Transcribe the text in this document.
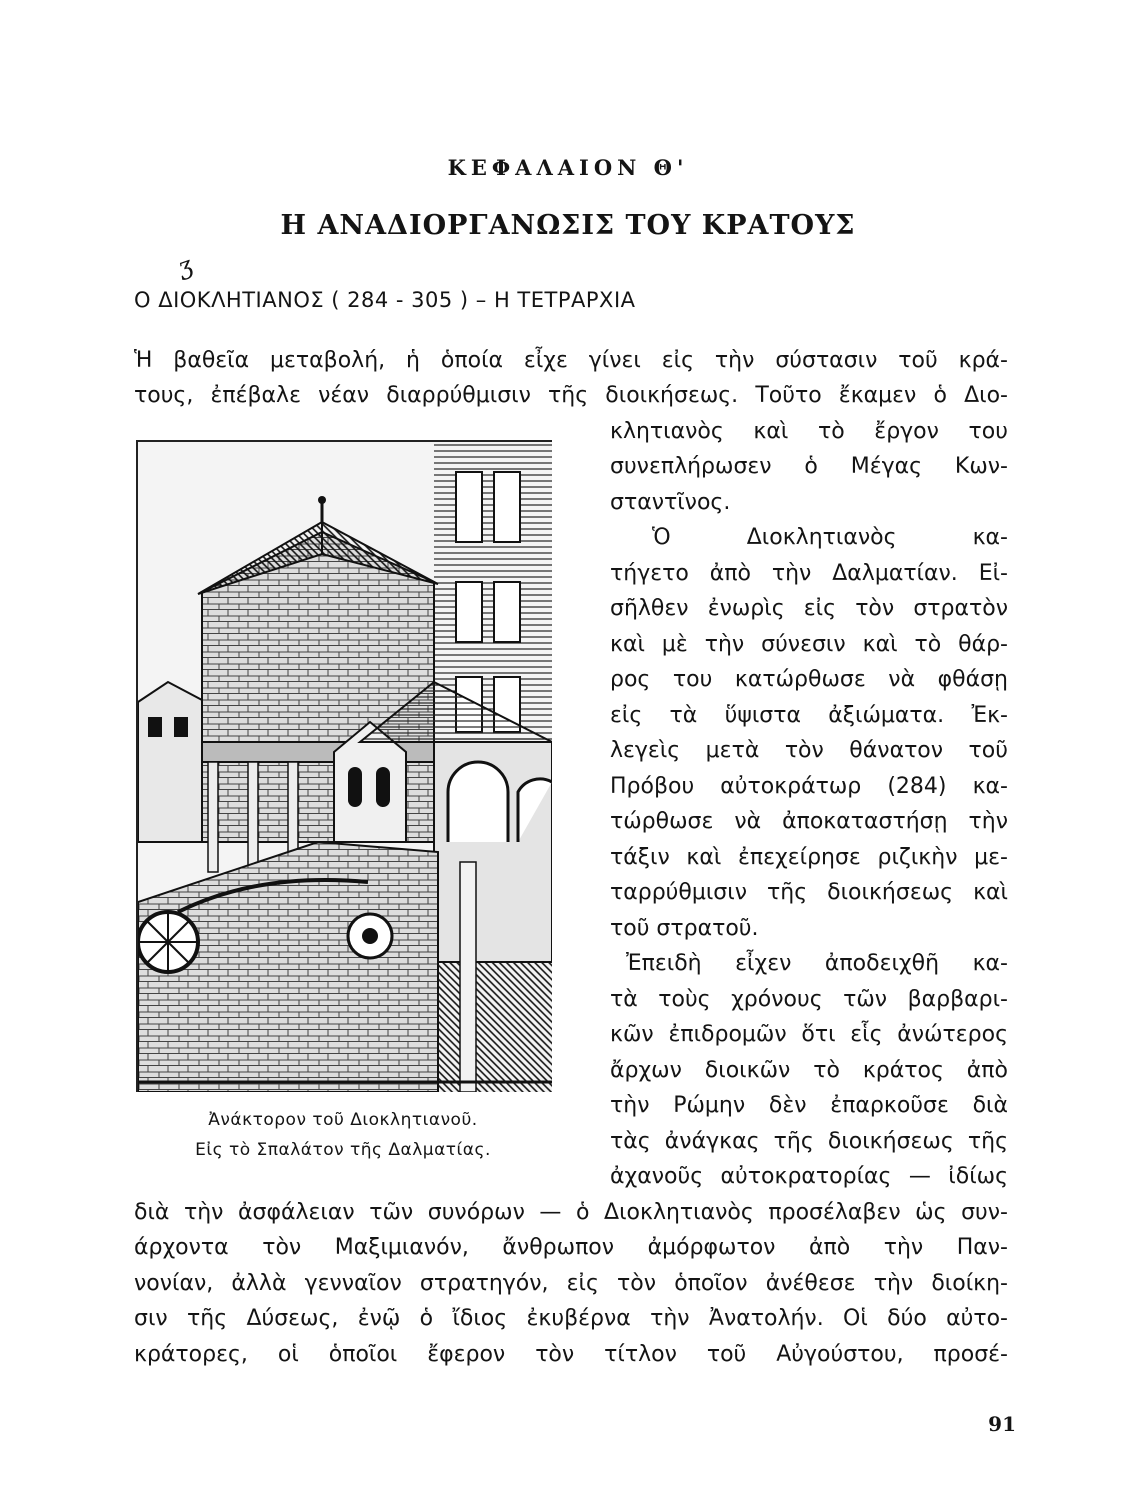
ΚΕΦΑΛΑΙΟΝ Θ'
Η ΑΝΑΔΙΟΡΓΑΝΩΣΙΣ ΤΟΥ ΚΡΑΤΟΥΣ
ʒ
Ο ΔΙΟΚΛΗΤΙΑΝΟΣ ( 284 - 305 ) – Η ΤΕΤΡΑΡΧΙΑ
Ἡ βαθεῖα μεταβολή, ἡ ὁποία εἶχε γίνει εἰς τὴν σύστασιν τοῦ κρά-
τους, ἐπέβαλε νέαν διαρρύθμισιν τῆς διοικήσεως. Τοῦτο ἔκαμεν ὁ Διο-
κλητιανὸς καὶ τὸ ἔργον του
συνεπλήρωσεν ὁ Μέγας Κων-
σταντῖνος.
Ὁ Διοκλητιανὸς κα-
τήγετο ἀπὸ τὴν Δαλματίαν. Εἰ-
σῆλθεν ἐνωρὶς εἰς τὸν στρατὸν
καὶ μὲ τὴν σύνεσιν καὶ τὸ θάρ-
ρος του κατώρθωσε νὰ φθάσῃ
εἰς τὰ ὕψιστα ἀξιώματα. Ἐκ-
λεγεὶς μετὰ τὸν θάνατον τοῦ
Πρόβου αὐτοκράτωρ (284) κα-
τώρθωσε νὰ ἀποκαταστήσῃ τὴν
τάξιν καὶ ἐπεχείρησε ριζικὴν με-
ταρρύθμισιν τῆς διοικήσεως καὶ
τοῦ στρατοῦ.
Ἐπειδὴ εἶχεν ἀποδειχθῆ κα-
τὰ τοὺς χρόνους τῶν βαρβαρι-
κῶν ἐπιδρομῶν ὅτι εἷς ἀνώτερος
ἄρχων διοικῶν τὸ κράτος ἀπὸ
τὴν Ρώμην δὲν ἐπαρκοῦσε διὰ
τὰς ἀνάγκας τῆς διοικήσεως τῆς
ἀχανοῦς αὐτοκρατορίας — ἰδίως
διὰ τὴν ἀσφάλειαν τῶν συνόρων — ὁ Διοκλητιανὸς προσέλαβεν ὡς συν-
άρχοντα τὸν Μαξιμιανόν, ἄνθρωπον ἀμόρφωτον ἀπὸ τὴν Παν-
νονίαν, ἀλλὰ γενναῖον στρατηγόν, εἰς τὸν ὁποῖον ἀνέθεσε τὴν διοίκη-
σιν τῆς Δύσεως, ἐνῷ ὁ ἴδιος ἐκυβέρνα τὴν Ἀνατολήν. Οἱ δύο αὐτο-
κράτορες, οἱ ὁποῖοι ἔφερον τὸν τίτλον τοῦ Αὐγούστου, προσέ-
Ἀνάκτορον τοῦ Διοκλητιανοῦ.
Εἰς τὸ Σπαλάτον τῆς Δαλματίας.
91
